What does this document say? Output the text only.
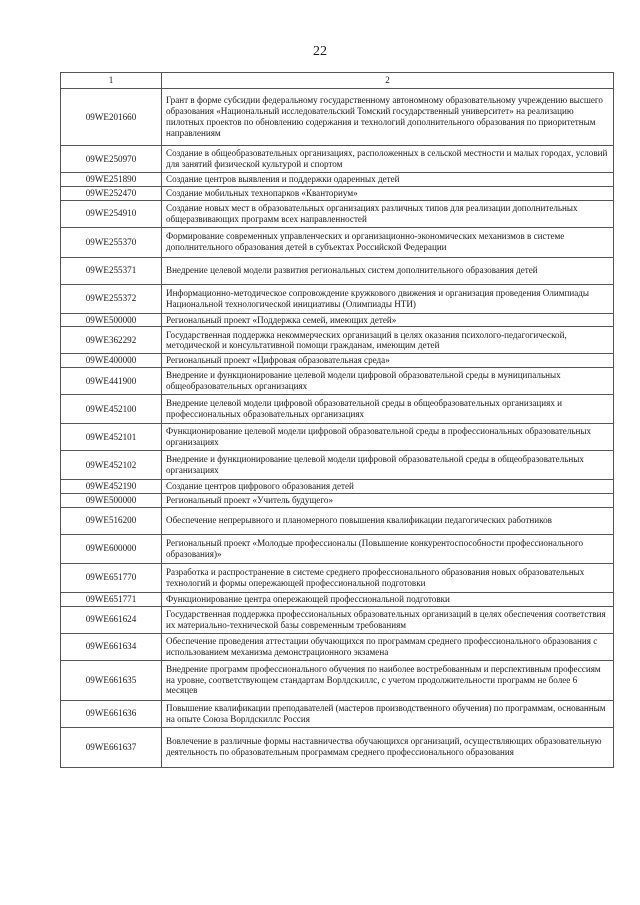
22
1	2
09WE201660	Грант в форме субсидии федеральному государственному автономному образовательному учреждению высшего образования «Национальный исследовательский Томский государственный университет» на реализацию пилотных проектов по обновлению содержания и технологий дополнительного образования по приоритетным направлениям
09WE250970	Создание в общеобразовательных организациях, расположенных в сельской местности и малых городах, условий для занятий физической культурой и спортом
09WE251890	Создание центров выявления и поддержки одаренных детей
09WE252470	Создание мобильных технопарков «Кванториум»
09WE254910	Создание новых мест в образовательных организациях различных типов для реализации дополнительных общеразвивающих программ всех направленностей
09WE255370	Формирование современных управленческих и организационно-экономических механизмов в системе дополнительного образования детей в субъектах Российской Федерации
09WE255371	Внедрение целевой модели развития региональных систем дополнительного образования детей
09WE255372	Информационно-методическое сопровождение кружкового движения и организация проведения Олимпиады Национальной технологической инициативы (Олимпиады НТИ)
09WE500000	Региональный проект «Поддержка семей, имеющих детей»
09WE362292	Государственная поддержка некоммерческих организаций в целях оказания психолого-педагогической, методической и консультативной помощи гражданам, имеющим детей
09WE400000	Региональный проект «Цифровая образовательная среда»
09WE441900	Внедрение и функционирование целевой модели цифровой образовательной среды в муниципальных общеобразовательных организациях
09WE452100	Внедрение целевой модели цифровой образовательной среды в общеобразовательных организациях и профессиональных образовательных организациях
09WE452101	Функционирование целевой модели цифровой образовательной среды в профессиональных образовательных организациях
09WE452102	Внедрение и функционирование целевой модели цифровой образовательной среды в общеобразовательных организациях
09WE452190	Создание центров цифрового образования детей
09WE500000	Региональный проект «Учитель будущего»
09WE516200	Обеспечение непрерывного и планомерного повышения квалификации педагогических работников
09WE600000	Региональный проект «Молодые профессионалы (Повышение конкурентоспособности профессионального образования)»
09WE651770	Разработка и распространение в системе среднего профессионального образования новых образовательных технологий и формы опережающей профессиональной подготовки
09WE651771	Функционирование центра опережающей профессиональной подготовки
09WE661624	Государственная поддержка профессиональных образовательных организаций в целях обеспечения соответствия их материально-технической базы современным требованиям
09WE661634	Обеспечение проведения аттестации обучающихся по программам среднего профессионального образования с использованием механизма демонстрационного экзамена
09WE661635	Внедрение программ профессионального обучения по наиболее востребованным и перспективным профессиям на уровне, соответствующем стандартам Ворлдскиллс, с учетом продолжительности программ не более 6 месяцев
09WE661636	Повышение квалификации преподавателей (мастеров производственного обучения) по программам, основанным на опыте Союза Ворлдскиллс Россия
09WE661637	Вовлечение в различные формы наставничества обучающихся организаций, осуществляющих образовательную деятельность по образовательным программам среднего профессионального образования
